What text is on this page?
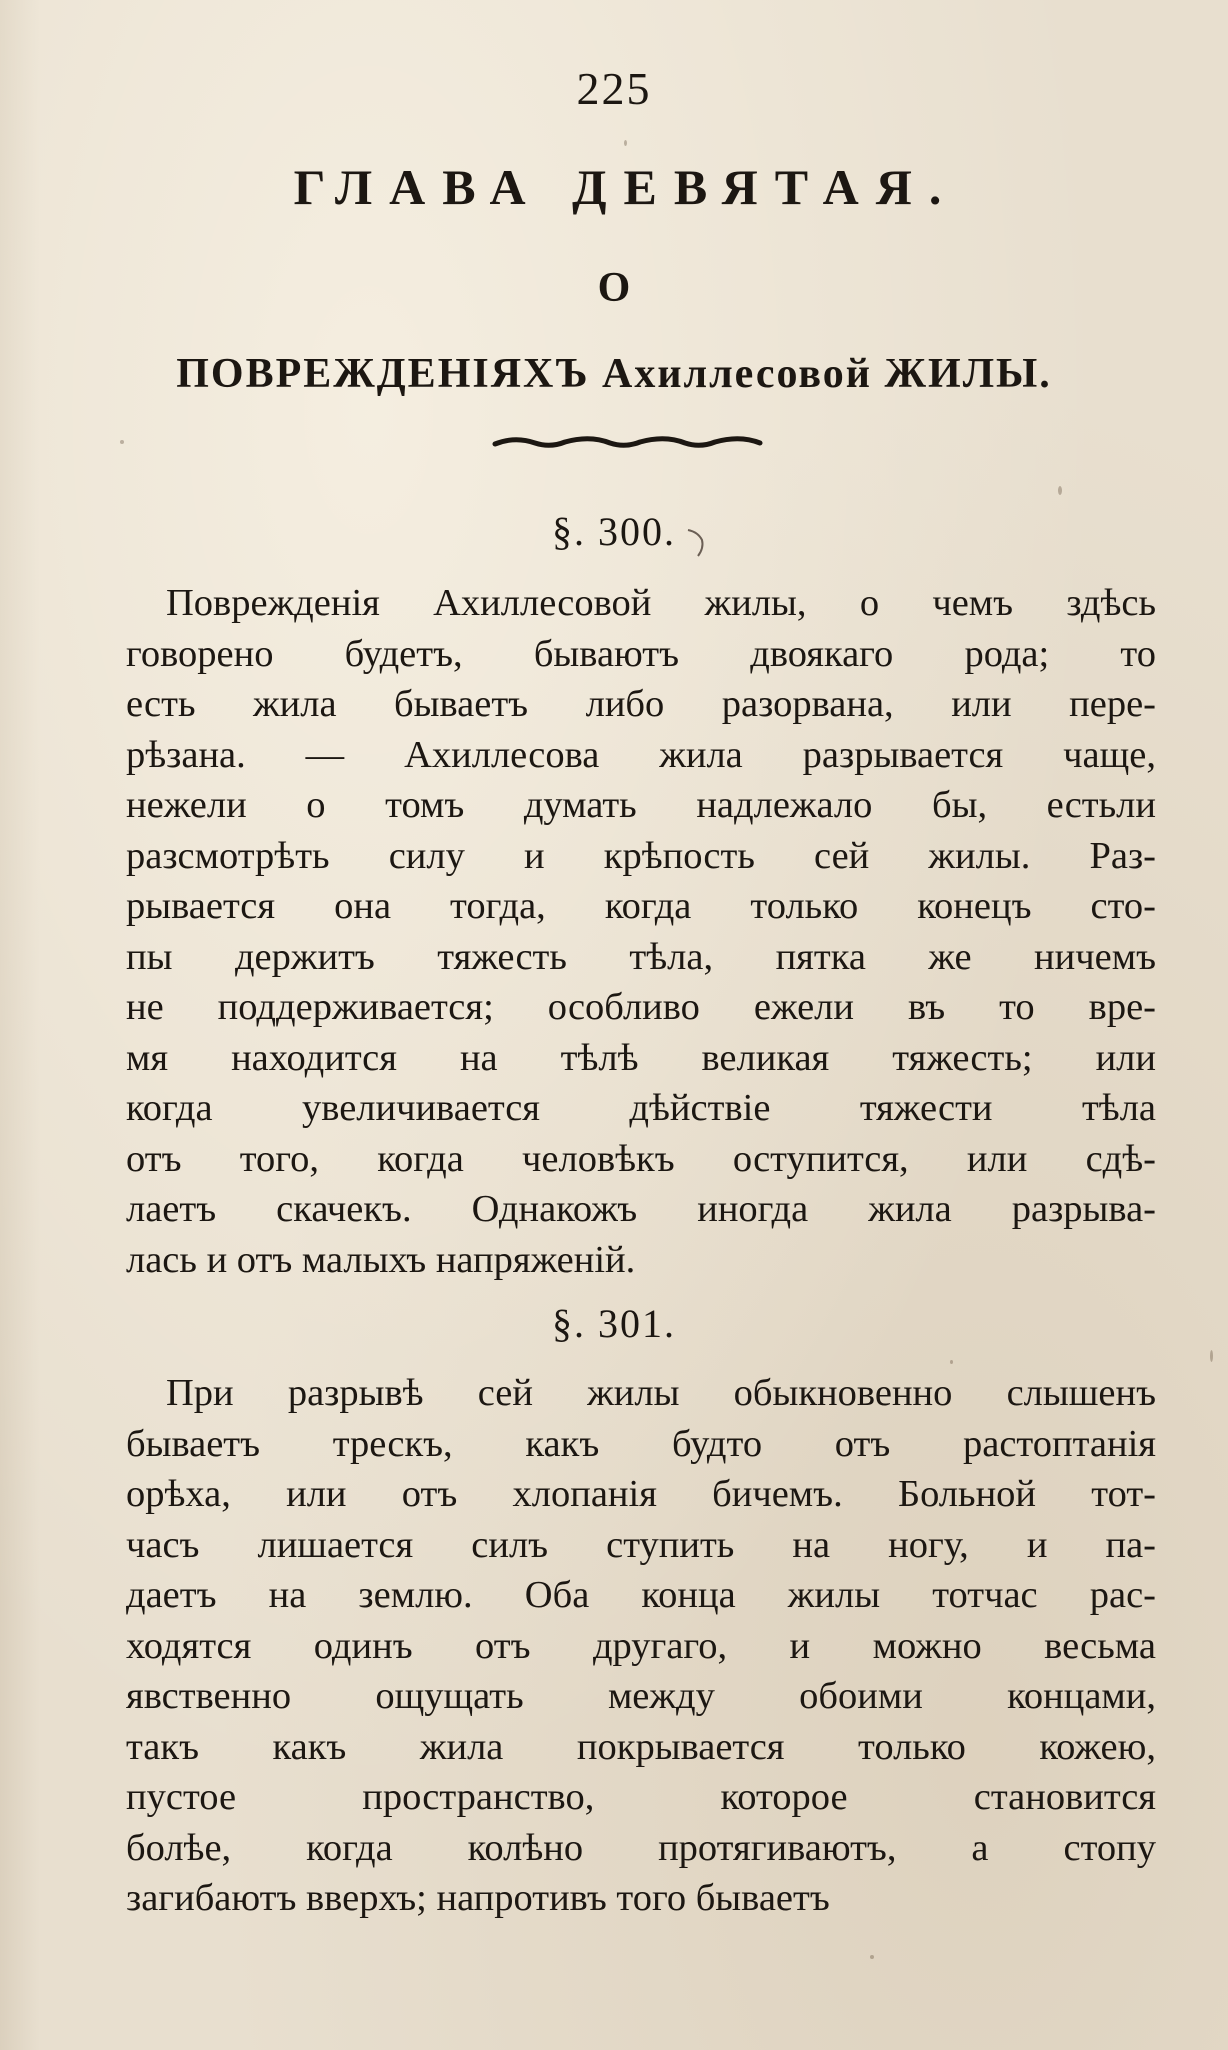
225
ГЛАВА ДЕВЯТАЯ.
О
ПОВРЕЖДЕНІЯХЪ Ахиллесовой ЖИЛЫ.
§. 300.
Поврежденія Ахиллесовой жилы, о чемъ здѣсь
говорено будетъ, бываютъ двоякаго рода; то
есть жила бываетъ либо разорвана, или пере-
рѣзана. — Ахиллесова жила разрывается чаще,
нежели о томъ думать надлежало бы, естьли
разсмотрѣть силу и крѣпость сей жилы. Раз-
рывается она тогда, когда только конецъ сто-
пы держитъ тяжесть тѣла, пятка же ничемъ
не поддерживается; особливо ежели въ то вре-
мя находится на тѣлѣ великая тяжесть; или
когда увеличивается дѣйствіе тяжести тѣла
отъ того, когда человѣкъ оступится, или сдѣ-
лаетъ скачекъ. Однакожъ иногда жила разрыва-
лась и отъ малыхъ напряженій.
§. 301.
При разрывѣ сей жилы обыкновенно слышенъ
бываетъ трескъ, какъ будто отъ растоптанія
орѣха, или отъ хлопанія бичемъ. Больной тот-
часъ лишается силъ ступить на ногу, и па-
даетъ на землю. Оба конца жилы тотчас рас-
ходятся одинъ отъ другаго, и можно весьма
явственно ощущать между обоими концами,
такъ какъ жила покрывается только кожею,
пустое пространство, которое становится
болѣе, когда колѣно протягиваютъ, а стопу
загибаютъ вверхъ; напротивъ того бываетъ
